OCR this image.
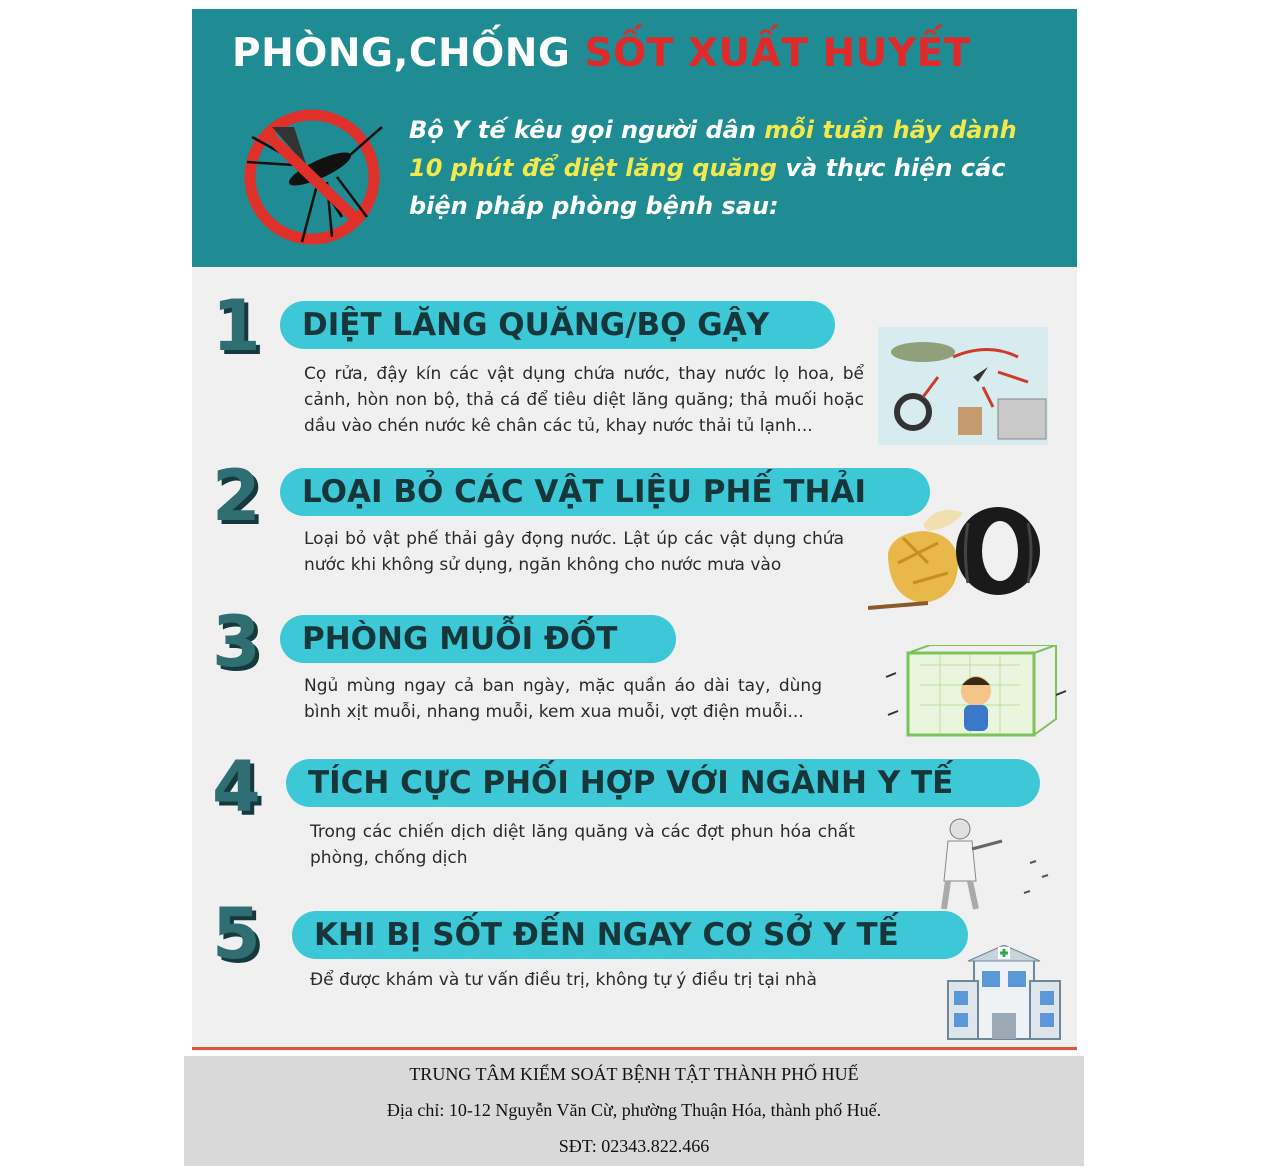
PHÒNG,CHỐNG SỐT XUẤT HUYẾT

Bộ Y tế kêu gọi người dân mỗi tuần hãy dành 10 phút để diệt lăng quăng và thực hiện các biện pháp phòng bệnh sau:

1	DIỆT LĂNG QUĂNG/BỌ GẬY

Cọ rửa, đậy kín các vật dụng chứa nước, thay nước lọ hoa, bể cảnh, hòn non bộ, thả cá để tiêu diệt lăng quăng; thả muối hoặc dầu vào chén nước kê chân các tủ, khay nước thải tủ lạnh...

2	LOẠI BỎ CÁC VẬT LIỆU PHẾ THẢI

Loại bỏ vật phế thải gây đọng nước. Lật úp các vật dụng chứa nước khi không sử dụng, ngăn không cho nước mưa vào

3	PHÒNG MUỖI ĐỐT

Ngủ mùng ngay cả ban ngày, mặc quần áo dài tay, dùng bình xịt muỗi, nhang muỗi, kem xua muỗi, vợt điện muỗi...

4	TÍCH CỰC PHỐI HỢP VỚI NGÀNH Y TẾ

Trong các chiến dịch diệt lăng quăng và các đợt phun hóa chất phòng, chống dịch

5	KHI BỊ SỐT ĐẾN NGAY CƠ SỞ Y TẾ

Để được khám và tư vấn điều trị, không tự ý điều trị tại nhà

TRUNG TÂM KIỂM SOÁT BỆNH TẬT THÀNH PHỐ HUẾ
Địa chỉ: 10-12 Nguyễn Văn Cừ, phường Thuận Hóa, thành phố Huế.
SĐT: 02343.822.466
